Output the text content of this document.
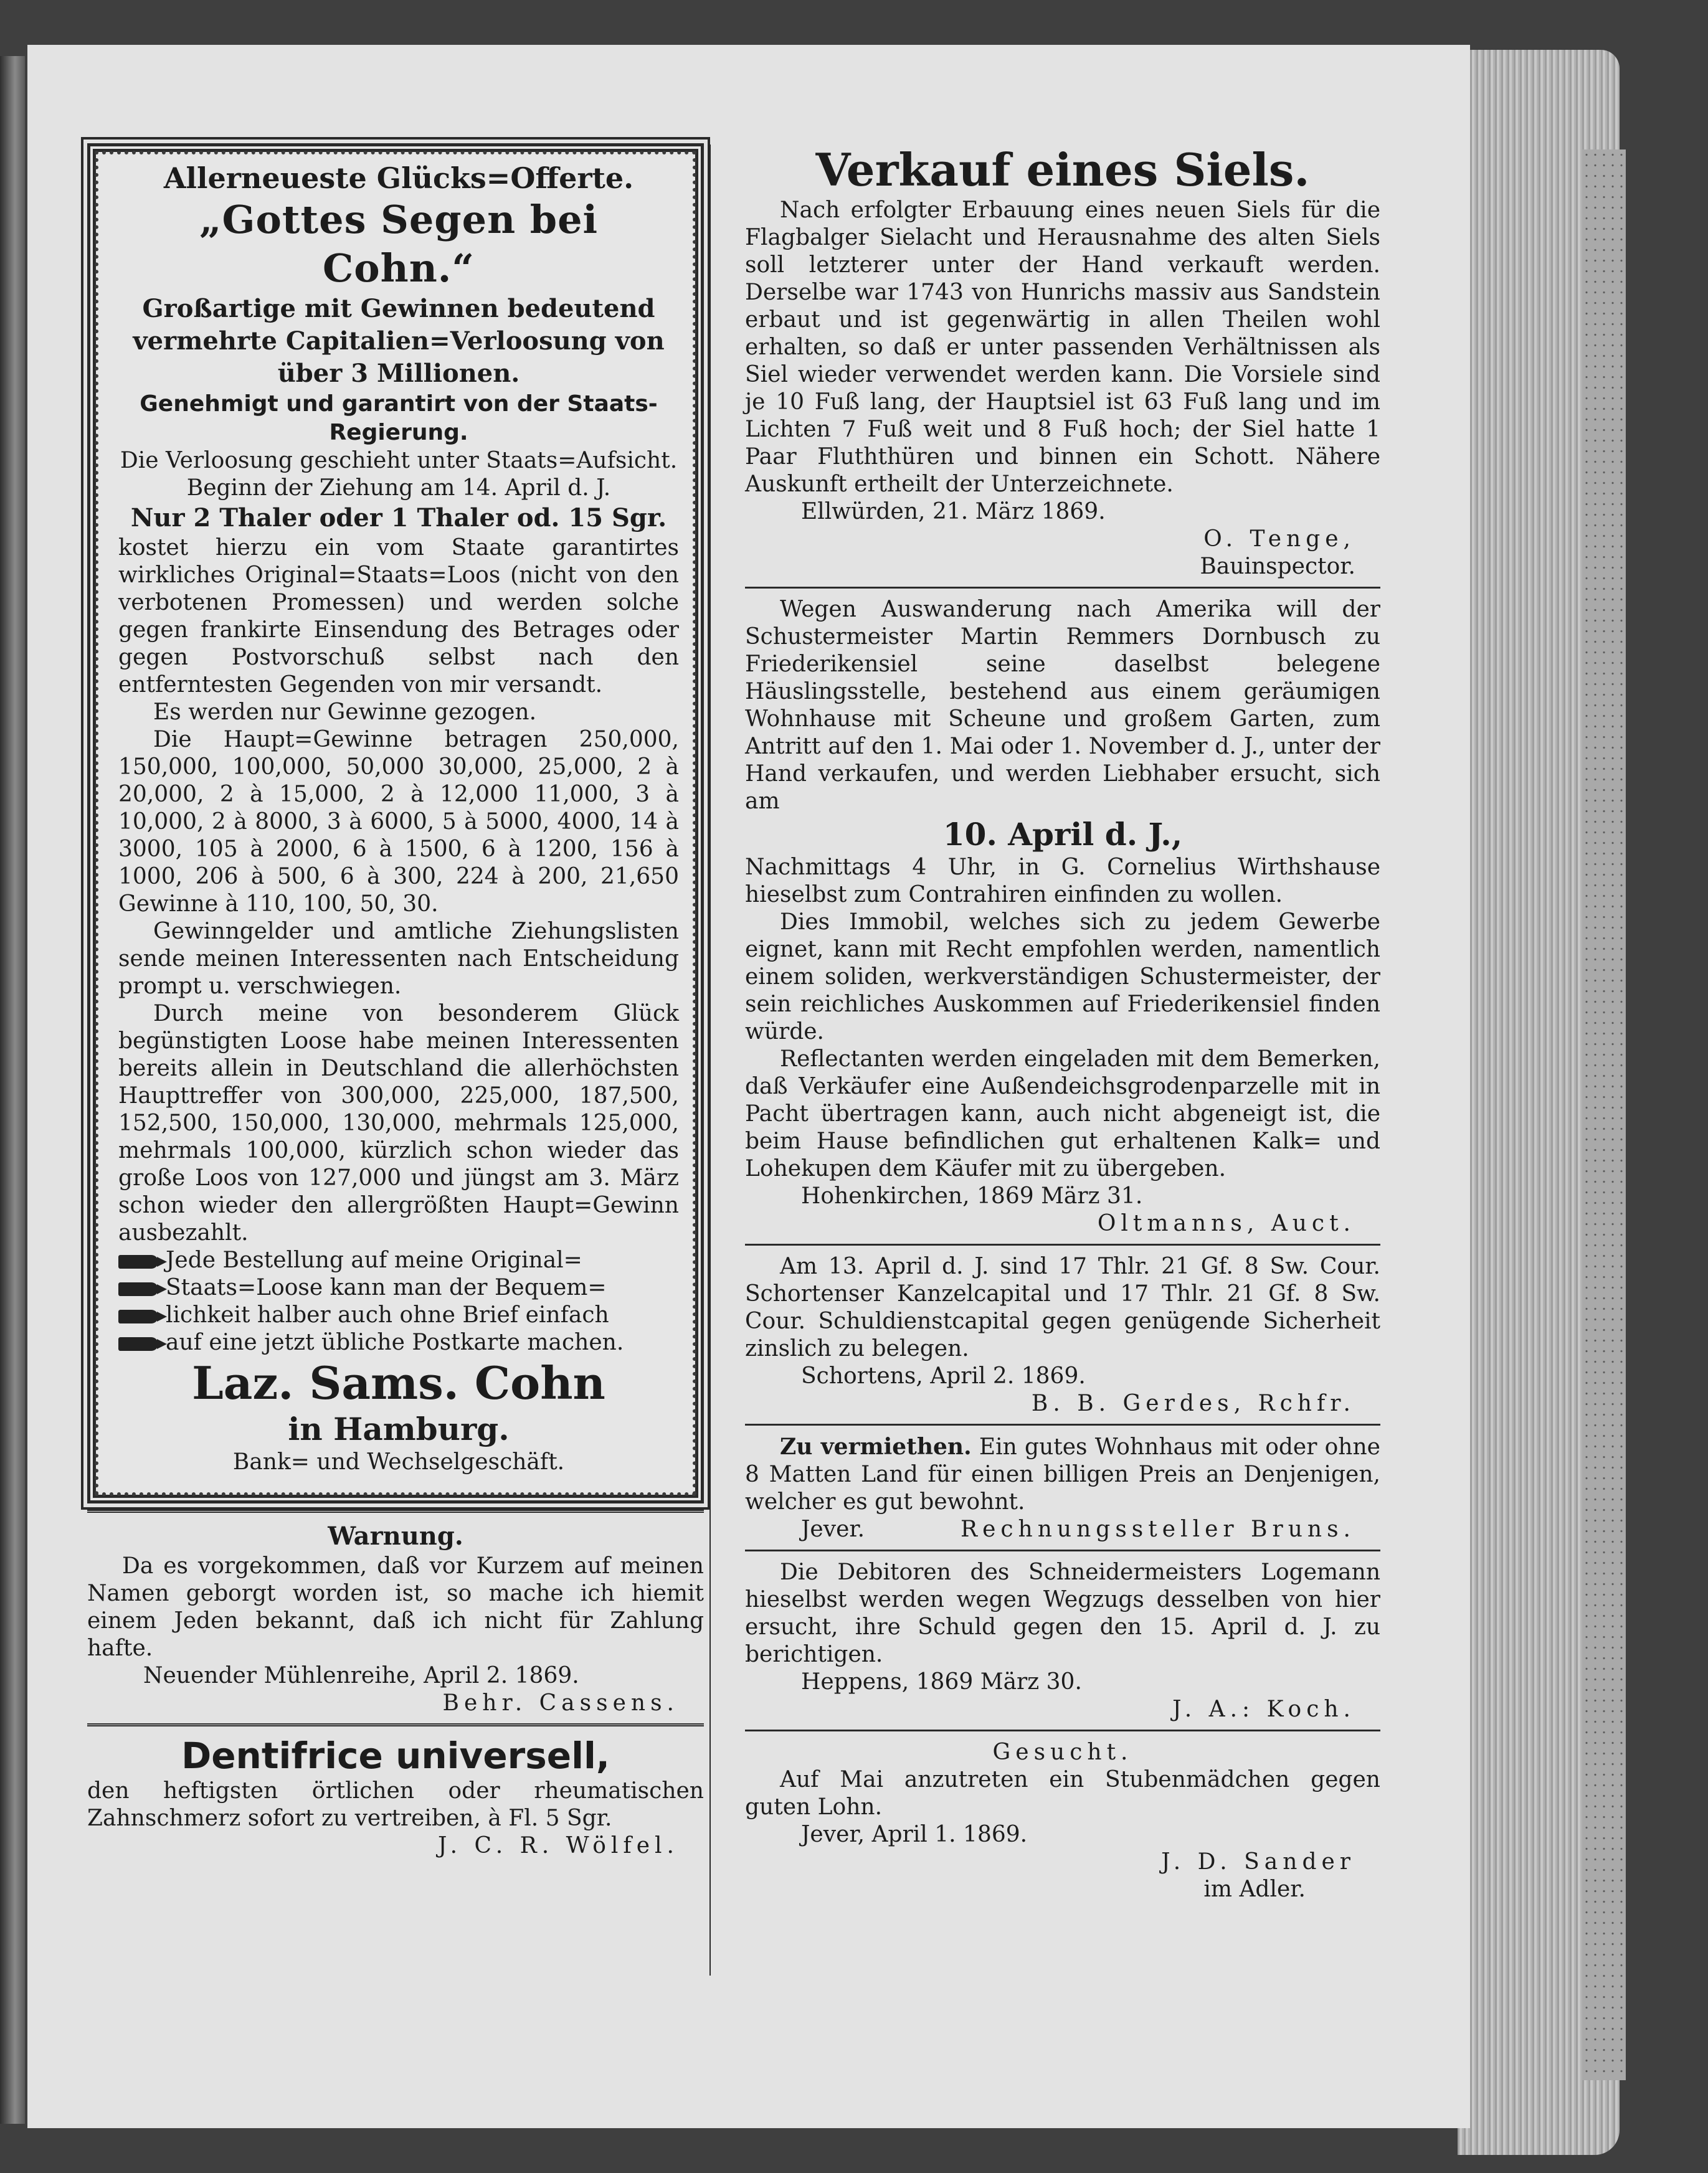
Allerneueste Glücks=Offerte.

„Gottes Segen bei Cohn.“

Großartige mit Gewinnen bedeutend vermehrte Capitalien=Verloosung von über 3 Millionen.

Genehmigt und garantirt von der Staats-Regierung.

Die Verloosung geschieht unter Staats=Aufsicht.

Beginn der Ziehung am 14. April d. J.

Nur 2 Thaler oder 1 Thaler od. 15 Sgr.

kostet hierzu ein vom Staate garantirtes wirkliches Original=Staats=Loos (nicht von den verbotenen Promessen) und werden solche gegen frankirte Einsendung des Betrages oder gegen Postvorschuß selbst nach den entferntesten Gegenden von mir versandt.

Es werden nur Gewinne gezogen.

Die Haupt=Gewinne betragen 250,000, 150,000, 100,000, 50,000 30,000, 25,000, 2 à 20,000, 2 à 15,000, 2 à 12,000 11,000, 3 à 10,000, 2 à 8000, 3 à 6000, 5 à 5000, 4000, 14 à 3000, 105 à 2000, 6 à 1500, 6 à 1200, 156 à 1000, 206 à 500, 6 à 300, 224 à 200, 21,650 Gewinne à 110, 100, 50, 30.

Gewinngelder und amtliche Ziehungslisten sende meinen Interessenten nach Entscheidung prompt u. verschwiegen.

Durch meine von besonderem Glück begünstigten Loose habe meinen Interessenten bereits allein in Deutschland die allerhöchsten Haupttreffer von 300,000, 225,000, 187,500, 152,500, 150,000, 130,000, mehrmals 125,000, mehrmals 100,000, kürzlich schon wieder das große Loos von 127,000 und jüngst am 3. März schon wieder den allergrößten Haupt=Gewinn ausbezahlt.

Jede Bestellung auf meine Original=
Staats=Loose kann man der Bequem=
lichkeit halber auch ohne Brief einfach
auf eine jetzt übliche Postkarte machen.

Laz. Sams. Cohn

in Hamburg.

Bank= und Wechselgeschäft.

Warnung.

Da es vorgekommen, daß vor Kurzem auf meinen Namen geborgt worden ist, so mache ich hiemit einem Jeden bekannt, daß ich nicht für Zahlung hafte.

Neuender Mühlenreihe, April 2. 1869.

Behr. Cassens.

Dentifrice universell,

den heftigsten örtlichen oder rheumatischen Zahnschmerz sofort zu vertreiben, à Fl. 5 Sgr.

J. C. R. Wölfel.

Verkauf eines Siels.

Nach erfolgter Erbauung eines neuen Siels für die Flagbalger Sielacht und Herausnahme des alten Siels soll letzterer unter der Hand verkauft werden. Derselbe war 1743 von Hunrichs massiv aus Sandstein erbaut und ist gegenwärtig in allen Theilen wohl erhalten, so daß er unter passenden Verhältnissen als Siel wieder verwendet werden kann. Die Vorsiele sind je 10 Fuß lang, der Hauptsiel ist 63 Fuß lang und im Lichten 7 Fuß weit und 8 Fuß hoch; der Siel hatte 1 Paar Fluththüren und binnen ein Schott. Nähere Auskunft ertheilt der Unterzeichnete.

Ellwürden, 21. März 1869.

O. Tenge,

Bauinspector.

Wegen Auswanderung nach Amerika will der Schustermeister Martin Remmers Dornbusch zu Friederikensiel seine daselbst belegene Häuslingsstelle, bestehend aus einem geräumigen Wohnhause mit Scheune und großem Garten, zum Antritt auf den 1. Mai oder 1. November d. J., unter der Hand verkaufen, und werden Liebhaber ersucht, sich am

10. April d. J.,

Nachmittags 4 Uhr, in G. Cornelius Wirthshause hieselbst zum Contrahiren einfinden zu wollen.

Dies Immobil, welches sich zu jedem Gewerbe eignet, kann mit Recht empfohlen werden, namentlich einem soliden, werkverständigen Schustermeister, der sein reichliches Auskommen auf Friederikensiel finden würde.

Reflectanten werden eingeladen mit dem Bemerken, daß Verkäufer eine Außendeichsgrodenparzelle mit in Pacht übertragen kann, auch nicht abgeneigt ist, die beim Hause befindlichen gut erhaltenen Kalk= und Lohekupen dem Käufer mit zu übergeben.

Hohenkirchen, 1869 März 31.

Oltmanns, Auct.

Am 13. April d. J. sind 17 Thlr. 21 Gf. 8 Sw. Cour. Schortenser Kanzelcapital und 17 Thlr. 21 Gf. 8 Sw. Cour. Schuldienstcapital gegen genügende Sicherheit zinslich zu belegen.

Schortens, April 2. 1869.

B. B. Gerdes, Rchfr.

Zu vermiethen. Ein gutes Wohnhaus mit oder ohne 8 Matten Land für einen billigen Preis an Denjenigen, welcher es gut bewohnt.

Jever.	Rechnungssteller Bruns.

Die Debitoren des Schneidermeisters Logemann hieselbst werden wegen Wegzugs desselben von hier ersucht, ihre Schuld gegen den 15. April d. J. zu berichtigen.

Heppens, 1869 März 30.

J. A.: Koch.

Gesucht.

Auf Mai anzutreten ein Stubenmädchen gegen guten Lohn.

Jever, April 1. 1869.

J. D. Sander

im Adler.
